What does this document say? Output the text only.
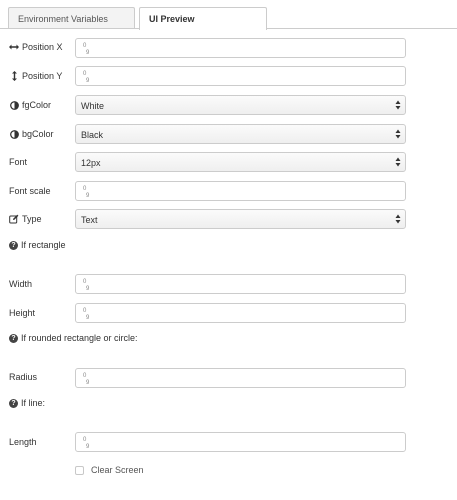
Environment Variables	UI Preview
Position X	0
9
Position Y	0
9
fgColor	White
bgColor	Black
Font	12px
Font scale	0
9
Type	Text
? If rectangle
Width	0
9
Height	0
9
? If rounded rectangle or circle:
Radius	0
9
? If line:
Length	0
9
Clear Screen
